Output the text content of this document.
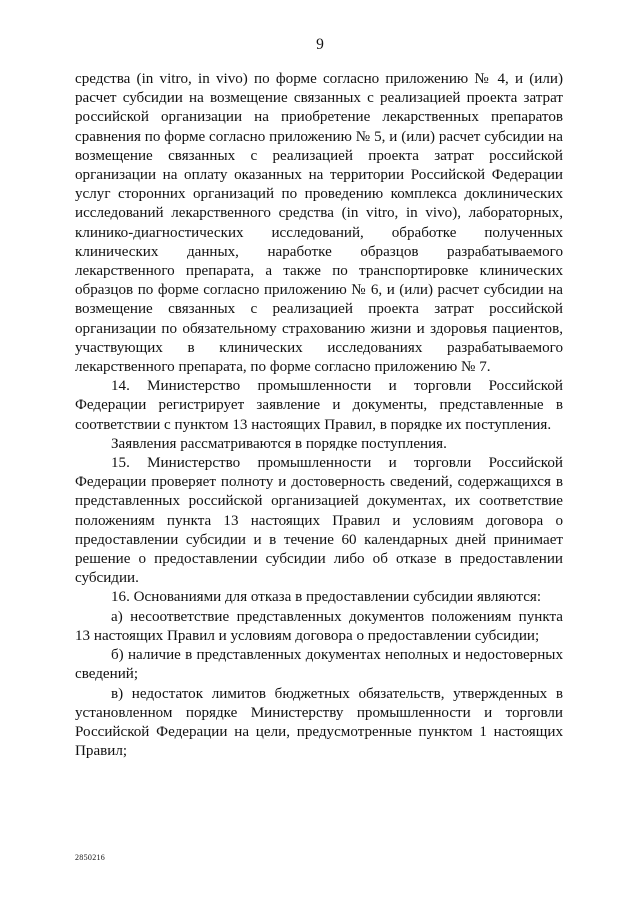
9

средства (in vitro, in vivo) по форме согласно приложению № 4, и (или) расчет субсидии на возмещение связанных с реализацией проекта затрат российской организации на приобретение лекарственных препаратов сравнения по форме согласно приложению № 5, и (или) расчет субсидии на возмещение связанных с реализацией проекта затрат российской организации на оплату оказанных на территории Российской Федерации услуг сторонних организаций по проведению комплекса доклинических исследований лекарственного средства (in vitro, in vivo), лабораторных, клинико-диагностических исследований, обработке полученных клинических данных, наработке образцов разрабатываемого лекарственного препарата, а также по транспортировке клинических образцов по форме согласно приложению № 6, и (или) расчет субсидии на возмещение связанных с реализацией проекта затрат российской организации по обязательному страхованию жизни и здоровья пациентов, участвующих в клинических исследованиях разрабатываемого лекарственного препарата, по форме согласно приложению № 7.

14. Министерство промышленности и торговли Российской Федерации регистрирует заявление и документы, представленные в соответствии с пунктом 13 настоящих Правил, в порядке их поступления.

Заявления рассматриваются в порядке поступления.

15. Министерство промышленности и торговли Российской Федерации проверяет полноту и достоверность сведений, содержащихся в представленных российской организацией документах, их соответствие положениям пункта 13 настоящих Правил и условиям договора о предоставлении субсидии и в течение 60 календарных дней принимает решение о предоставлении субсидии либо об отказе в предоставлении субсидии.

16. Основаниями для отказа в предоставлении субсидии являются:

а) несоответствие представленных документов положениям пункта 13 настоящих Правил и условиям договора о предоставлении субсидии;

б) наличие в представленных документах неполных и недостоверных сведений;

в) недостаток лимитов бюджетных обязательств, утвержденных в установленном порядке Министерству промышленности и торговли Российской Федерации на цели, предусмотренные пунктом 1 настоящих Правил;

2850216
